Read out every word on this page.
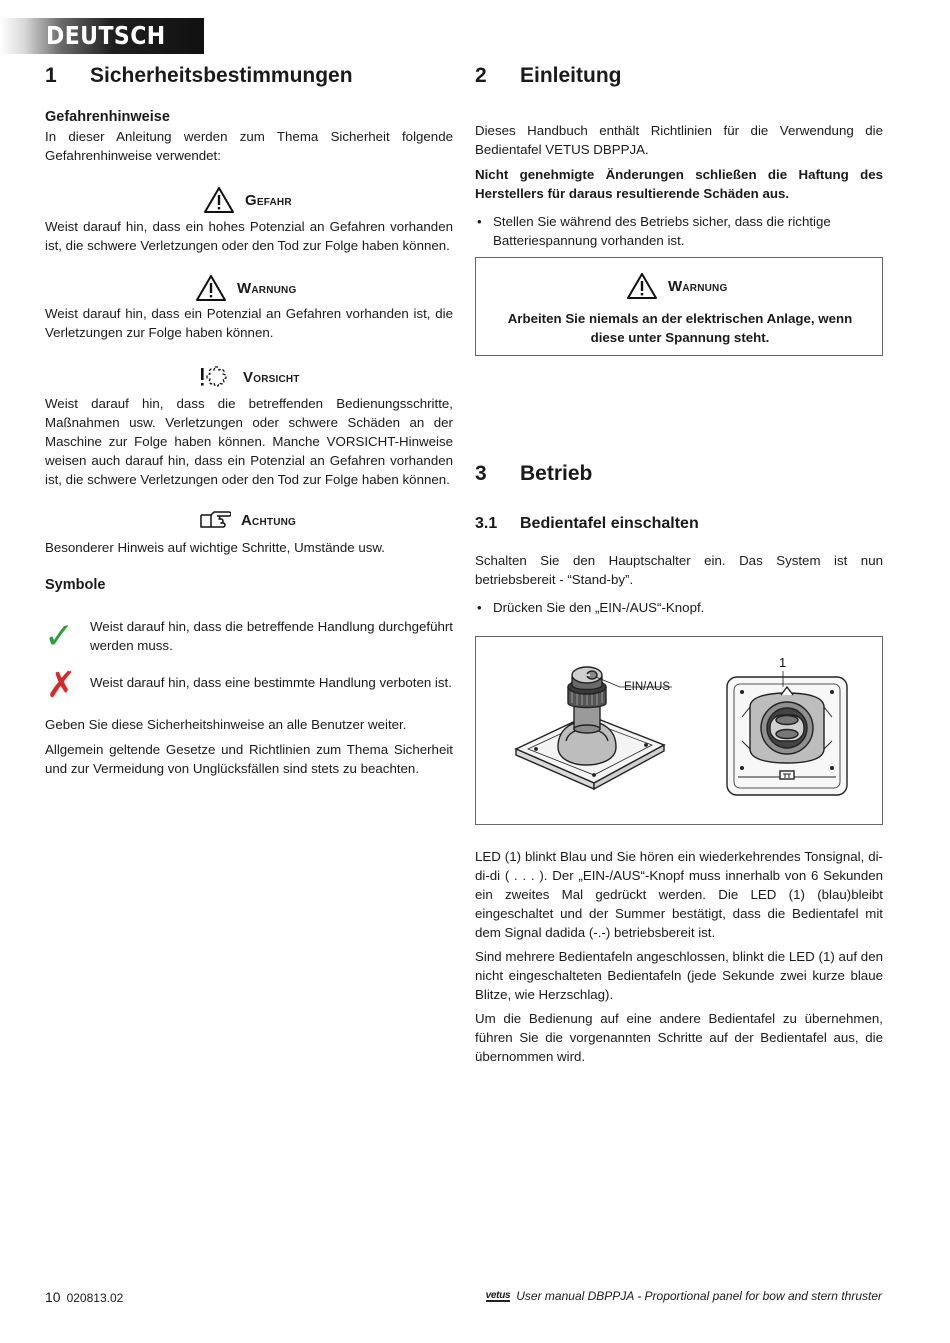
DEUTSCH
1 Sicherheitsbestimmungen
Gefahrenhinweise
In dieser Anleitung werden zum Thema Sicherheit folgende Gefahrenhinweise verwendet:
Gefahr
Weist darauf hin, dass ein hohes Potenzial an Gefahren vorhanden ist, die schwere Verletzungen oder den Tod zur Folge haben können.
Warnung
Weist darauf hin, dass ein Potenzial an Gefahren vorhanden ist, die Verletzungen zur Folge haben können.
Vorsicht
Weist darauf hin, dass die betreffenden Bedienungsschritte, Maßnahmen usw. Verletzungen oder schwere Schäden an der Maschine zur Folge haben können. Manche VORSICHT-Hinweise weisen auch darauf hin, dass ein Potenzial an Gefahren vorhanden ist, die schwere Verletzungen oder den Tod zur Folge haben können.
Achtung
Besonderer Hinweis auf wichtige Schritte, Umstände usw.
Symbole
✓ Weist darauf hin, dass die betreffende Handlung durchgeführt werden muss.
✗ Weist darauf hin, dass eine bestimmte Handlung verboten ist.
Geben Sie diese Sicherheitshinweise an alle Benutzer weiter.
Allgemein geltende Gesetze und Richtlinien zum Thema Sicherheit und zur Vermeidung von Unglücksfällen sind stets zu beachten.
2 Einleitung
Dieses Handbuch enthält Richtlinien für die Verwendung die Bedientafel VETUS DBPPJA.
Nicht genehmigte Änderungen schließen die Haftung des Herstellers für daraus resultierende Schäden aus.
• Stellen Sie während des Betriebs sicher, dass die richtige Batteriespannung vorhanden ist.
Warnung
Arbeiten Sie niemals an der elektrischen Anlage, wenn diese unter Spannung steht.
3 Betrieb
3.1 Bedientafel einschalten
Schalten Sie den Hauptschalter ein. Das System ist nun betriebsbereit - “Stand-by”.
• Drücken Sie den „EIN-/AUS“-Knopf.
EIN/AUS
1
LED (1) blinkt Blau und Sie hören ein wiederkehrendes Tonsignal, di-di-di ( . . . ). Der „EIN-/AUS“-Knopf muss innerhalb von 6 Sekunden ein zweites Mal gedrückt werden. Die LED (1) (blau)bleibt eingeschaltet und der Summer bestätigt, dass die Bedientafel mit dem Signal dadida (-.-) betriebsbereit ist.
Sind mehrere Bedientafeln angeschlossen, blinkt die LED (1) auf den nicht eingeschalteten Bedientafeln (jede Sekunde zwei kurze blaue Blitze, wie Herzschlag).
Um die Bedienung auf eine andere Bedientafel zu übernehmen, führen Sie die vorgenannten Schritte auf der Bedientafel aus, die übernommen wird.
10 020813.02	vetus User manual DBPPJA - Proportional panel for bow and stern thruster
